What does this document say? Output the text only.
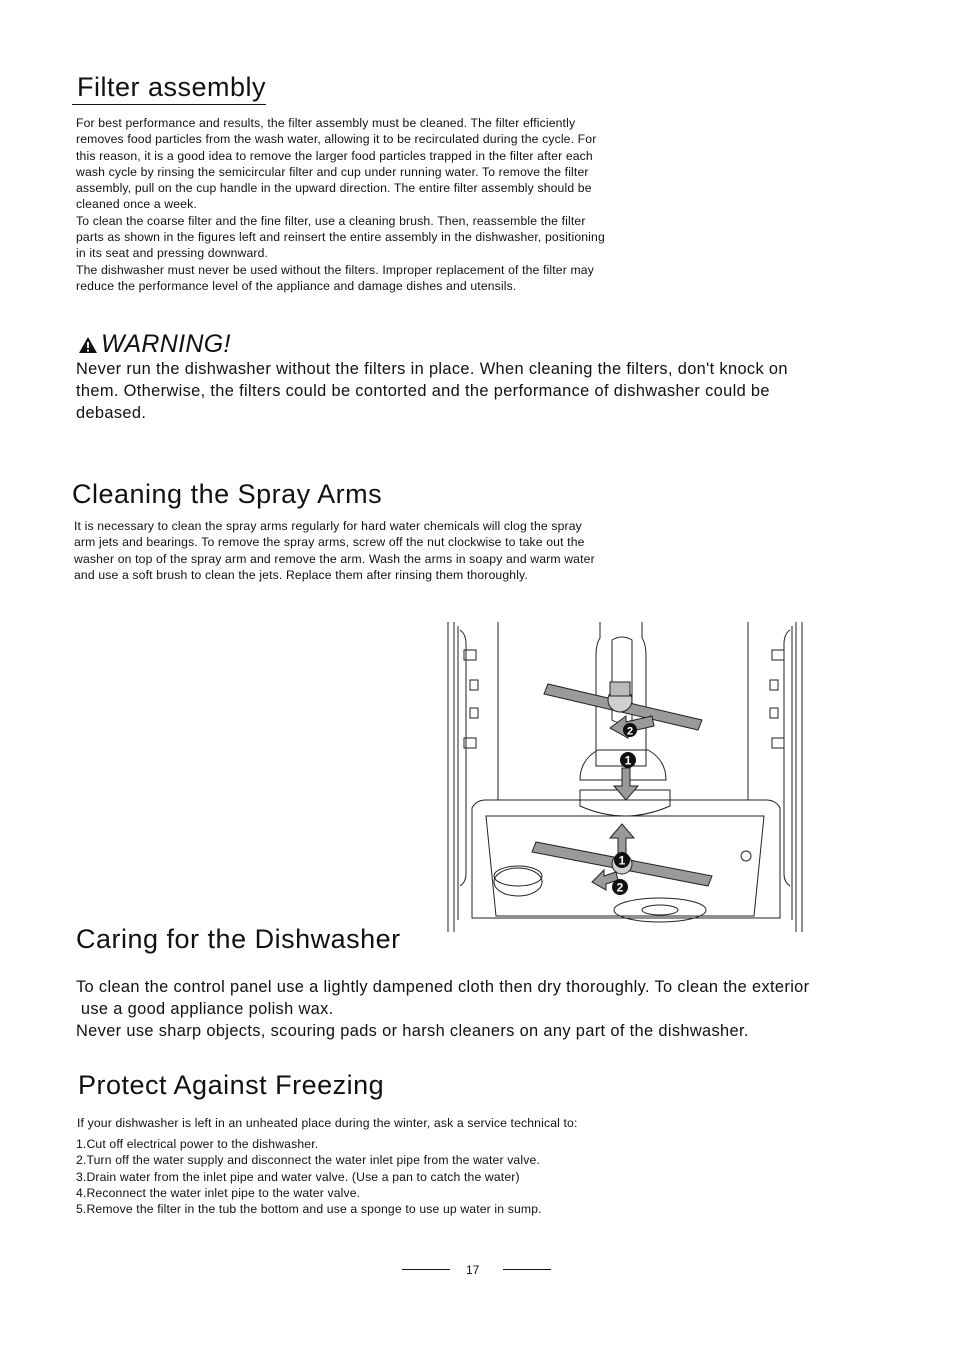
Filter assembly

For best performance and results, the filter assembly must be cleaned. The filter efficiently

removes food particles from the wash water, allowing it to be recirculated during the cycle. For

this reason, it is a good idea to remove the larger food particles trapped in the filter after each

wash cycle by rinsing the semicircular filter and cup under running water. To remove the filter

assembly, pull on the cup handle in the upward direction. The entire filter assembly should be

cleaned once a week.

To clean the coarse filter and the fine filter, use a cleaning brush. Then, reassemble the filter

parts as shown in the figures left and reinsert the entire assembly in the dishwasher, positioning

in its seat and pressing downward.

The dishwasher must never be used without the filters. Improper replacement of the filter may

reduce the performance level of the appliance and damage dishes and utensils.

WARNING!

Never run the dishwasher without the filters in place. When cleaning the filters, don't knock on

them. Otherwise, the filters could be contorted and the performance of dishwasher could be

debased.

Cleaning the Spray Arms

It is necessary to clean the spray arms regularly for hard water chemicals will clog the spray

arm jets and bearings. To remove the spray arms, screw off the nut clockwise to take out the

washer on top of the spray arm and remove the arm. Wash the arms in soapy and warm water

and use a soft brush to clean the jets. Replace them after rinsing them thoroughly.

2
1
1
2
Caring for the Dishwasher

To clean the control panel use a lightly dampened cloth then dry thoroughly. To clean the exterior

use a good appliance polish wax.

Never use sharp objects, scouring pads or harsh cleaners on any part of the dishwasher.

Protect Against Freezing

If your dishwasher is left in an unheated place during the winter, ask a service technical to:

1.Cut off electrical power to the dishwasher.

2.Turn off the water supply and disconnect the water inlet pipe from the water valve.

3.Drain water from the inlet pipe and water valve. (Use a pan to catch the water)

4.Reconnect the water inlet pipe to the water valve.

5.Remove the filter in the tub the bottom and use a sponge to use up water in sump.

17
